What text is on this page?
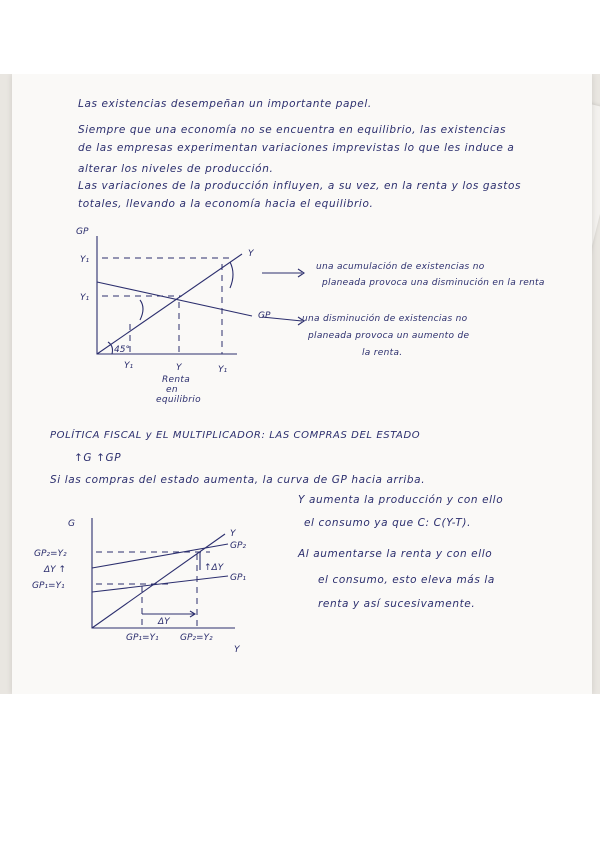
Las existencias desempeñan un importante papel.
Siempre que una economía no se encuentra en equilibrio, las existencias
de las empresas experimentan variaciones imprevistas lo que les induce a
alterar los niveles de producción.
Las variaciones de la producción influyen, a su vez, en la renta y los gastos
totales, llevando a la economía hacia el equilibrio.
GP
Y₁
Y₁
Y
GP
45°
Y₁	Y	Y₁
Renta
en
equilibrio
una acumulación de existencias no
planeada provoca una disminución en la renta
una disminución de existencias no
planeada provoca un aumento de
la renta.
POLÍTICA FISCAL y EL MULTIPLICADOR: LAS COMPRAS DEL ESTADO
↑G ↑GP
Si las compras del estado aumenta, la curva de GP hacia arriba.
Y aumenta la producción y con ello
el consumo ya que C: C(Y-T).
Al aumentarse la renta y con ello
el consumo, esto eleva más la
renta y así sucesivamente.
G
GP₂=Y₂
ΔY ↑
GP₁=Y₁
Y
GP₂
GP₁
↑ΔY
ΔY
GP₁=Y₁ GP₂=Y₂
Y
